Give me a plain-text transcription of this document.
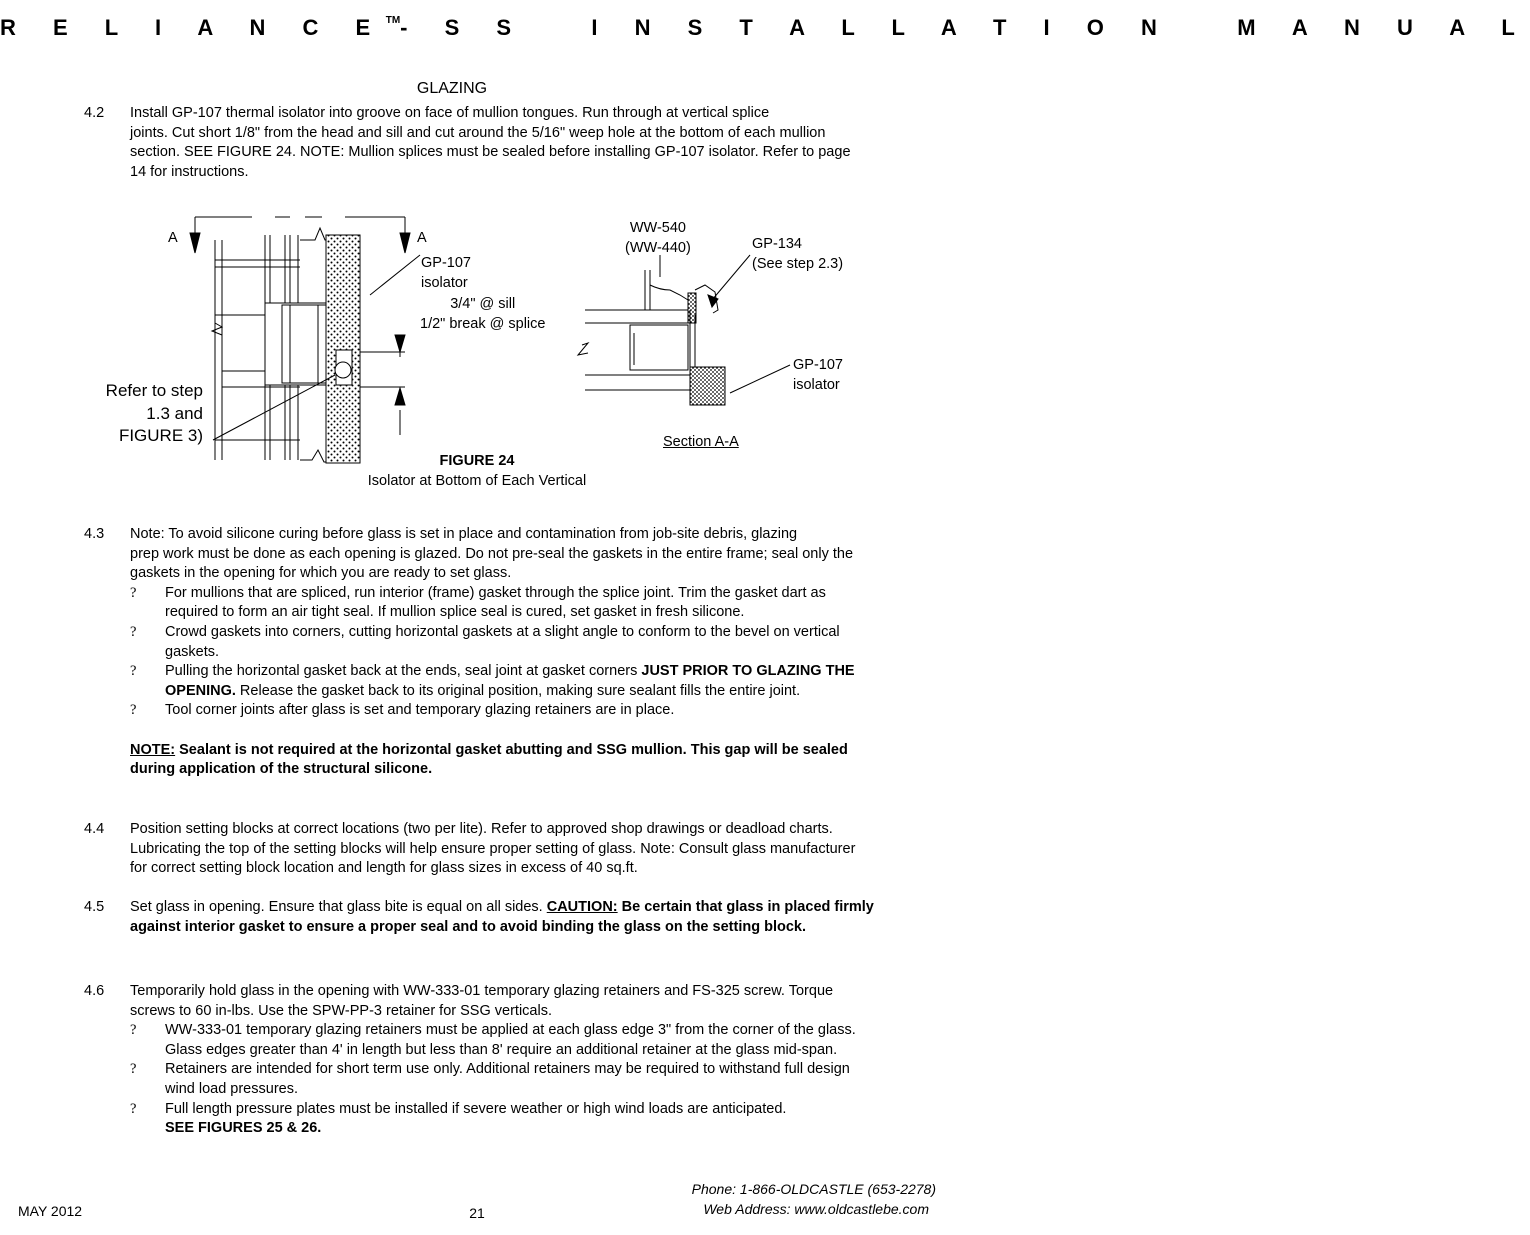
R E L I A N C E™- S S   I N S T A L L A T I O N   M A N U A L
GLAZING
4.2 Install GP-107 thermal isolator into groove on face of mullion tongues. Run through at vertical splice
joints. Cut short 1/8" from the head and sill and cut around the 5/16" weep hole at the bottom of each mullion section. SEE FIGURE 24. NOTE: Mullion splices must be sealed before installing GP-107 isolator. Refer to page 14 for instructions.
A	A
GP-107
isolator
3/4" @ sill
1/2" break @ splice
Refer to step
1.3 and
FIGURE 3)
WW-540
(WW-440)	GP-134
(See step 2.3)
GP-107
isolator
Section A-A
FIGURE 24
Isolator at Bottom of Each Vertical
4.3 Note: To avoid silicone curing before glass is set in place and contamination from job-site debris, glazing
prep work must be done as each opening is glazed. Do not pre-seal the gaskets in the entire frame; seal only the gaskets in the opening for which you are ready to set glass.
? For mullions that are spliced, run interior (frame) gasket through the splice joint. Trim the gasket dart as required to form an air tight seal. If mullion splice seal is cured, set gasket in fresh silicone.
? Crowd gaskets into corners, cutting horizontal gaskets at a slight angle to conform to the bevel on vertical gaskets.
? Pulling the horizontal gasket back at the ends, seal joint at gasket corners JUST PRIOR TO GLAZING THE OPENING. Release the gasket back to its original position, making sure sealant fills the entire joint.
? Tool corner joints after glass is set and temporary glazing retainers are in place.
NOTE: Sealant is not required at the horizontal gasket abutting and SSG mullion. This gap will be sealed during application of the structural silicone.
4.4 Position setting blocks at correct locations (two per lite). Refer to approved shop drawings or deadload charts. Lubricating the top of the setting blocks will help ensure proper setting of glass. Note: Consult glass manufacturer for correct setting block location and length for glass sizes in excess of 40 sq.ft.
4.5 Set glass in opening. Ensure that glass bite is equal on all sides. CAUTION: Be certain that glass in placed firmly against interior gasket to ensure a proper seal and to avoid binding the glass on the setting block.
4.6 Temporarily hold glass in the opening with WW-333-01 temporary glazing retainers and FS-325 screw. Torque screws to 60 in-lbs. Use the SPW-PP-3 retainer for SSG verticals.
? WW-333-01 temporary glazing retainers must be applied at each glass edge 3" from the corner of the glass. Glass edges greater than 4' in length but less than 8' require an additional retainer at the glass mid-span.
? Retainers are intended for short term use only. Additional retainers may be required to withstand full design wind load pressures.
? Full length pressure plates must be installed if severe weather or high wind loads are anticipated.
SEE FIGURES 25 & 26.
MAY 2012	21
Phone: 1-866-OLDCASTLE (653-2278)
Web Address: www.oldcastlebe.com
